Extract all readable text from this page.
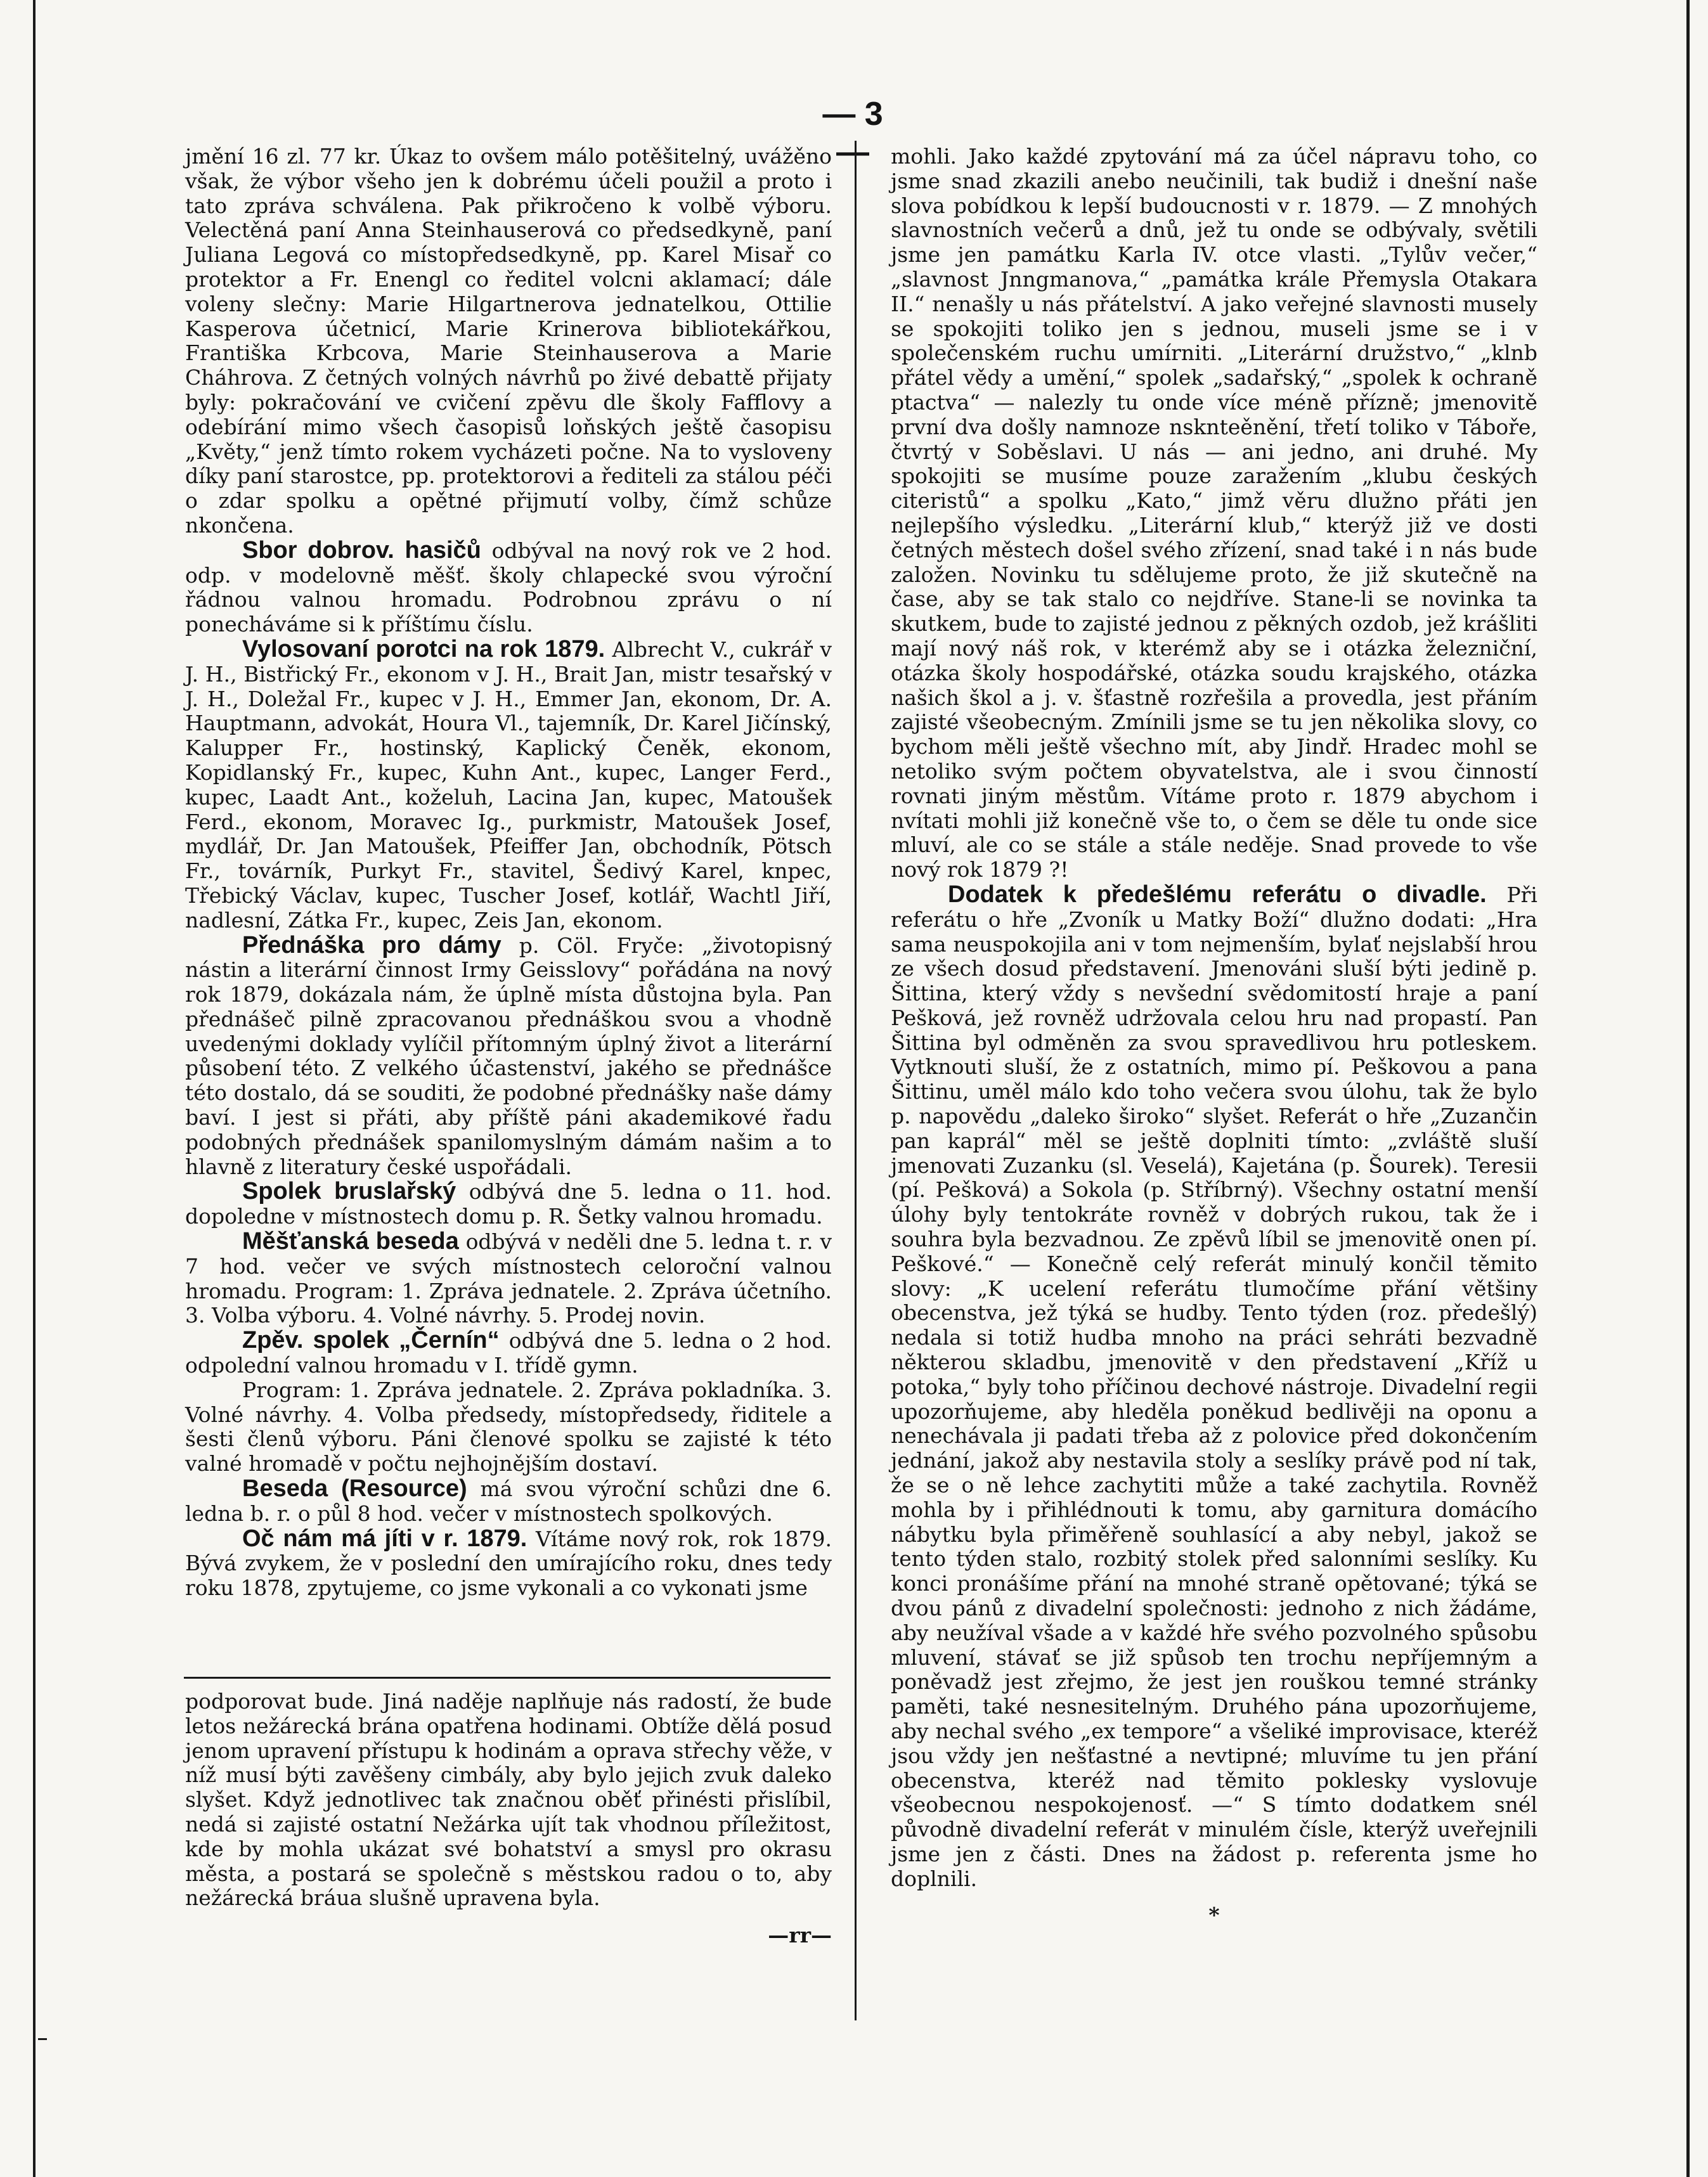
— 3 —

jmění 16 zl. 77 kr. Úkaz to ovšem málo potěšitelný, uvážěno však, že výbor všeho jen k dobrému účeli použil a proto i tato zpráva schválena. Pak přikročeno k volbě výboru. Velectěná paní Anna Steinhauserová co předsedkyně, paní Juliana Legová co místopředsedkyně, pp. Karel Misař co protektor a Fr. Enengl co ředitel volcni aklamací; dále voleny slečny: Marie Hilgartnerova jednatelkou, Ottilie Kasperova účetnicí, Marie Krinerova bibliotekářkou, Františka Krbcova, Marie Steinhauserova a Marie Cháhrova. Z četných volných návrhů po živé debattě přijaty byly: pokračování ve cvičení zpěvu dle školy Fafflovy a odebírání mimo všech časopisů loňských ještě časopisu „Květy,“ jenž tímto rokem vycházeti počne. Na to vysloveny díky paní starostce, pp. protektorovi a řediteli za stálou péči o zdar spolku a opětné přijmutí volby, čímž schůze nkončena.

Sbor dobrov. hasičů odbýval na nový rok ve 2 hod. odp. v modelovně měšť. školy chlapecké svou výroční řádnou valnou hromadu. Podrobnou zprávu o ní ponecháváme si k příštímu číslu.

Vylosovaní porotci na rok 1879. Albrecht V., cukrář v J. H., Bistřický Fr., ekonom v J. H., Brait Jan, mistr tesařský v J. H., Doležal Fr., kupec v J. H., Emmer Jan, ekonom, Dr. A. Hauptmann, advokát, Houra Vl., tajemník, Dr. Karel Jičínský, Kalupper Fr., hostinský, Kaplický Čeněk, ekonom, Kopidlanský Fr., kupec, Kuhn Ant., kupec, Langer Ferd., kupec, Laadt Ant., koželuh, Lacina Jan, kupec, Matoušek Ferd., ekonom, Moravec Ig., purkmistr, Matoušek Josef, mydlář, Dr. Jan Matoušek, Pfeiffer Jan, obchodník, Pötsch Fr., továrník, Purkyt Fr., stavitel, Šedivý Karel, knpec, Třebický Václav, kupec, Tuscher Josef, kotlář, Wachtl Jiří, nadlesní, Zátka Fr., kupec, Zeis Jan, ekonom.

Přednáška pro dámy p. Cöl. Fryče: „životopisný nástin a literární činnost Irmy Geisslovy“ pořádána na nový rok 1879, dokázala nám, že úplně místa důstojna byla. Pan přednášeč pilně zpracovanou přednáškou svou a vhodně uvedenými doklady vylíčil přítomným úplný život a literární působení této. Z velkého účastenství, jakého se přednášce této dostalo, dá se souditi, že podobné přednášky naše dámy baví. I jest si přáti, aby příště páni akademikové řadu podobných přednášek spanilomyslným dámám našim a to hlavně z literatury české uspořádali.

Spolek bruslařský odbývá dne 5. ledna o 11. hod. dopoledne v místnostech domu p. R. Šetky valnou hromadu.

Měšťanská beseda odbývá v neděli dne 5. ledna t. r. v 7 hod. večer ve svých místnostech celoroční valnou hromadu. Program: 1. Zpráva jednatele. 2. Zpráva účetního. 3. Volba výboru. 4. Volné návrhy. 5. Prodej novin.

Zpěv. spolek „Černín“ odbývá dne 5. ledna o 2 hod. odpolední valnou hromadu v I. třídě gymn.

Program: 1. Zpráva jednatele. 2. Zpráva pokladníka. 3. Volné návrhy. 4. Volba předsedy, místopředsedy, řiditele a šesti členů výboru. Páni členové spolku se zajisté k této valné hromadě v počtu nejhojnějším dostaví.

Beseda (Resource) má svou výroční schůzi dne 6. ledna b. r. o půl 8 hod. večer v místnostech spolkových.

Oč nám má jíti v r. 1879. Vítáme nový rok, rok 1879. Bývá zvykem, že v poslední den umírajícího roku, dnes tedy roku 1878, zpytujeme, co jsme vykonali a co vykonati jsme

podporovat bude. Jiná naděje naplňuje nás radostí, že bude letos nežárecká brána opatřena hodinami. Obtíže dělá posud jenom upravení přístupu k hodinám a oprava střechy věže, v níž musí býti zavěšeny cimbály, aby bylo jejich zvuk daleko slyšet. Když jednotlivec tak značnou oběť přinésti přislíbil, nedá si zajisté ostatní Nežárka ujít tak vhodnou příležitost, kde by mohla ukázat své bohatství a smysl pro okrasu města, a postará se společně s městskou radou o to, aby nežárecká bráua slušně upravena byla.

—rr—

mohli. Jako každé zpytování má za účel nápravu toho, co jsme snad zkazili anebo neučinili, tak budiž i dnešní naše slova pobídkou k lepší budoucnosti v r. 1879. — Z mnohých slavnostních večerů a dnů, jež tu onde se odbývaly, světili jsme jen památku Karla IV. otce vlasti. „Tylův večer,“ „slavnost Jnngmanova,“ „památka krále Přemysla Otakara II.“ nenašly u nás přátelství. A jako veřejné slavnosti musely se spokojiti toliko jen s jednou, museli jsme se i v společenském ruchu umírniti. „Literární družstvo,“ „klnb přátel vědy a umění,“ spolek „sadařský,“ „spolek k ochraně ptactva“ — nalezly tu onde více méně přízně; jmenovitě první dva došly namnoze nsknteěnění, třetí toliko v Táboře, čtvrtý v Soběslavi. U nás — ani jedno, ani druhé. My spokojiti se musíme pouze zaražením „klubu českých citeristů“ a spolku „Kato,“ jimž věru dlužno přáti jen nejlepšího výsledku. „Literární klub,“ kterýž již ve dosti četných městech došel svého zřízení, snad také i n nás bude založen. Novinku tu sdělujeme proto, že již skutečně na čase, aby se tak stalo co nejdříve. Stane-li se novinka ta skutkem, bude to zajisté jednou z pěkných ozdob, jež krášliti mají nový náš rok, v kterémž aby se i otázka železniční, otázka školy hospodářské, otázka soudu krajského, otázka našich škol a j. v. šťastně rozřešila a provedla, jest přáním zajisté všeobecným. Zmínili jsme se tu jen několika slovy, co bychom měli ještě všechno mít, aby Jindř. Hradec mohl se netoliko svým počtem obyvatelstva, ale i svou činností rovnati jiným městům. Vítáme proto r. 1879 abychom i nvítati mohli již konečně vše to, o čem se děle tu onde sice mluví, ale co se stále a stále neděje. Snad provede to vše nový rok 1879 ?!

Dodatek k předešlému referátu o divadle. Při referátu o hře „Zvoník u Matky Boží“ dlužno dodati: „Hra sama neuspokojila ani v tom nejmenším, bylať nejslabší hrou ze všech dosud představení. Jmenováni sluší býti jedině p. Šittina, který vždy s nevšední svědomitostí hraje a paní Pešková, jež rovněž udržovala celou hru nad propastí. Pan Šittina byl odměněn za svou spravedlivou hru potleskem. Vytknouti sluší, že z ostatních, mimo pí. Peškovou a pana Šittinu, uměl málo kdo toho večera svou úlohu, tak že bylo p. napovědu „daleko široko“ slyšet. Referát o hře „Zuzančin pan kaprál“ měl se ještě doplniti tímto: „zvláště sluší jmenovati Zuzanku (sl. Veselá), Kajetána (p. Šourek). Teresii (pí. Pešková) a Sokola (p. Stříbrný). Všechny ostatní menší úlohy byly tentokráte rovněž v dobrých rukou, tak že i souhra byla bezvadnou. Ze zpěvů líbil se jmenovitě onen pí. Peškové.“ — Konečně celý referát minulý končil těmito slovy: „K ucelení referátu tlumočíme přání většiny obecenstva, jež týká se hudby. Tento týden (roz. předešlý) nedala si totiž hudba mnoho na práci sehráti bezvadně některou skladbu, jmenovitě v den představení „Kříž u potoka,“ byly toho příčinou dechové nástroje. Divadelní regii upozorňujeme, aby hleděla poněkud bedlivěji na oponu a nenechávala ji padati třeba až z polovice před dokončením jednání, jakož aby nestavila stoly a seslíky právě pod ní tak, že se o ně lehce zachytiti může a také zachytila. Rovněž mohla by i přihlédnouti k tomu, aby garnitura domácího nábytku byla přiměřeně souhlasící a aby nebyl, jakož se tento týden stalo, rozbitý stolek před salonními seslíky. Ku konci pronášíme přání na mnohé straně opětované; týká se dvou pánů z divadelní společnosti: jednoho z nich žádáme, aby neužíval všade a v každé hře svého pozvolného spůsobu mluvení, stávať se již spůsob ten trochu nepříjemným a poněvadž jest zřejmo, že jest jen rouškou temné stránky paměti, také nesnesitelným. Druhého pána upozorňujeme, aby nechal svého „ex tempore“ a všeliké improvisace, kteréž jsou vždy jen nešťastné a nevtipné; mluvíme tu jen přání obecenstva, kteréž nad těmito poklesky vyslovuje všeobecnou nespokojenosť. —“ S tímto dodatkem snél původně divadelní referát v minulém čísle, kterýž uveřejnili jsme jen z části. Dnes na žádost p. referenta jsme ho doplnili.

*
